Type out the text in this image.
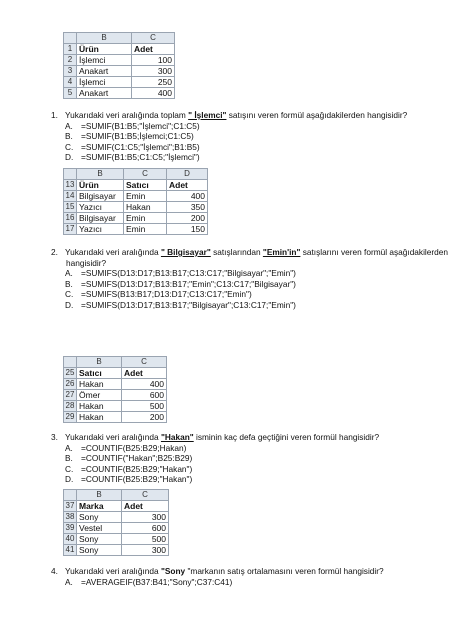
	B	C
1	Ürün	Adet
2	İşlemci	100
3	Anakart	300
4	İşlemci	250
5	Anakart	400
1. Yukarıdaki veri aralığında toplam " İşlemci" satışını veren formül aşağıdakilerden hangisidir?
A. =SUMIF(B1:B5;"İşlemci";C1:C5)
B. =SUMIF(B1:B5;İşlemci;C1:C5)
C. =SUMIF(C1:C5;"İşlemci";B1:B5)
D. =SUMIF(B1:B5;C1:C5;"İşlemci")
	B	C	D
13	Ürün	Satıcı	Adet
14	Bilgisayar	Emin	400
15	Yazıcı	Hakan	350
16	Bilgisayar	Emin	200
17	Yazıcı	Emin	150
2. Yukarıdaki veri aralığında " Bilgisayar" satışlarından "Emin'in" satışlarını veren formül aşağıdakilerden
hangisidir?
A. =SUMIFS(D13:D17;B13:B17;C13:C17;"Bilgisayar";"Emin")
B. =SUMIFS(D13:D17;B13:B17;"Emin";C13:C17;"Bilgisayar")
C. =SUMIFS(B13:B17;D13:D17;C13:C17;"Emin")
D. =SUMIFS(D13:D17;B13:B17;"Bilgisayar";C13:C17;"Emin")
	B	C
25	Satıcı	Adet
26	Hakan	400
27	Ömer	600
28	Hakan	500
29	Hakan	200
3. Yukarıdaki veri aralığında "Hakan" isminin kaç defa geçtiğini veren formül hangisidir?
A. =COUNTIF(B25:B29;Hakan)
B. =COUNTIF("Hakan";B25:B29)
C. =COUNTIF(B25:B29;"Hakan")
D. =COUNTIF(B25:B29;"Hakan")
	B	C
37	Marka	Adet
38	Sony	300
39	Vestel	600
40	Sony	500
41	Sony	300
4. Yukarıdaki veri aralığında "Sony "markanın satış ortalamasını veren formül hangisidir?
A. =AVERAGEIF(B37:B41;"Sony";C37:C41)
